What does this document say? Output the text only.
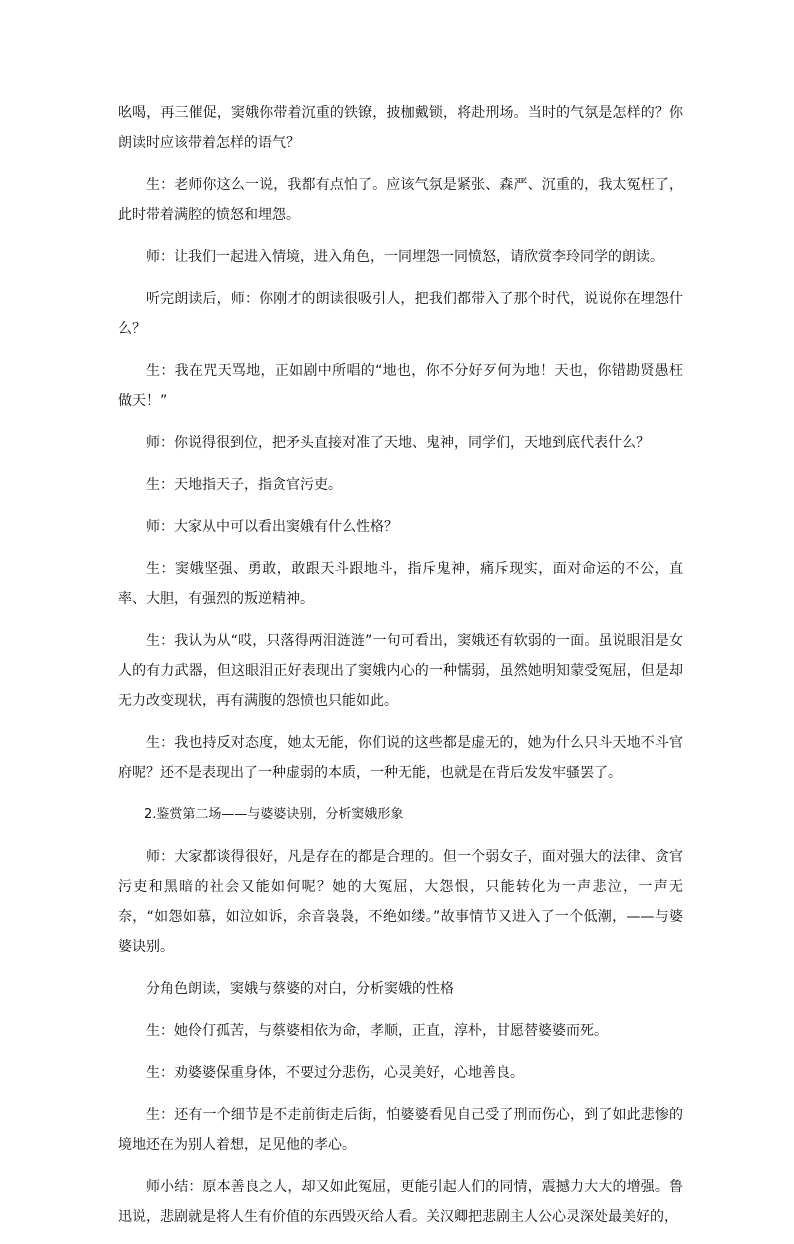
吆喝，再三催促，窦娥你带着沉重的铁镣，披枷戴锁，将赴刑场。当时的气氛是怎样的？你朗读时应该带着怎样的语气？

生：老师你这么一说，我都有点怕了。应该气氛是紧张、森严、沉重的，我太冤枉了，此时带着满腔的愤怒和埋怨。

师：让我们一起进入情境，进入角色，一同埋怨一同愤怒，请欣赏李玲同学的朗读。

听完朗读后，师：你刚才的朗读很吸引人，把我们都带入了那个时代，说说你在埋怨什么？

生：我在咒天骂地，正如剧中所唱的“地也，你不分好歹何为地！天也，你错勘贤愚枉做天！”

师：你说得很到位，把矛头直接对准了天地、鬼神，同学们，天地到底代表什么？

生：天地指天子，指贪官污吏。

师：大家从中可以看出窦娥有什么性格？

生：窦娥坚强、勇敢，敢跟天斗跟地斗，指斥鬼神，痛斥现实，面对命运的不公，直率、大胆，有强烈的叛逆精神。

生：我认为从“哎，只落得两泪涟涟”一句可看出，窦娥还有软弱的一面。虽说眼泪是女人的有力武器，但这眼泪正好表现出了窦娥内心的一种懦弱，虽然她明知蒙受冤屈，但是却无力改变现状，再有满腹的怨愤也只能如此。

生：我也持反对态度，她太无能，你们说的这些都是虚无的，她为什么只斗天地不斗官府呢？还不是表现出了一种虚弱的本质，一种无能，也就是在背后发发牢骚罢了。

2.鉴赏第二场——与婆婆诀别，分析窦娥形象

师：大家都谈得很好，凡是存在的都是合理的。但一个弱女子，面对强大的法律、贪官污吏和黑暗的社会又能如何呢？她的大冤屈，大怨恨，只能转化为一声悲泣，一声无奈，“如怨如慕，如泣如诉，余音袅袅，不绝如缕。”故事情节又进入了一个低潮，——与婆婆诀别。

分角色朗读，窦娥与蔡婆的对白，分析窦娥的性格

生：她伶仃孤苦，与蔡婆相依为命，孝顺，正直，淳朴，甘愿替婆婆而死。

生：劝婆婆保重身体，不要过分悲伤，心灵美好，心地善良。

生：还有一个细节是不走前街走后街，怕婆婆看见自己受了刑而伤心，到了如此悲惨的境地还在为别人着想，足见他的孝心。

师小结：原本善良之人，却又如此冤屈，更能引起人们的同情，震撼力大大的增强。鲁迅说，悲剧就是将人生有价值的东西毁灭给人看。关汉卿把悲剧主人公心灵深处最美好的，
